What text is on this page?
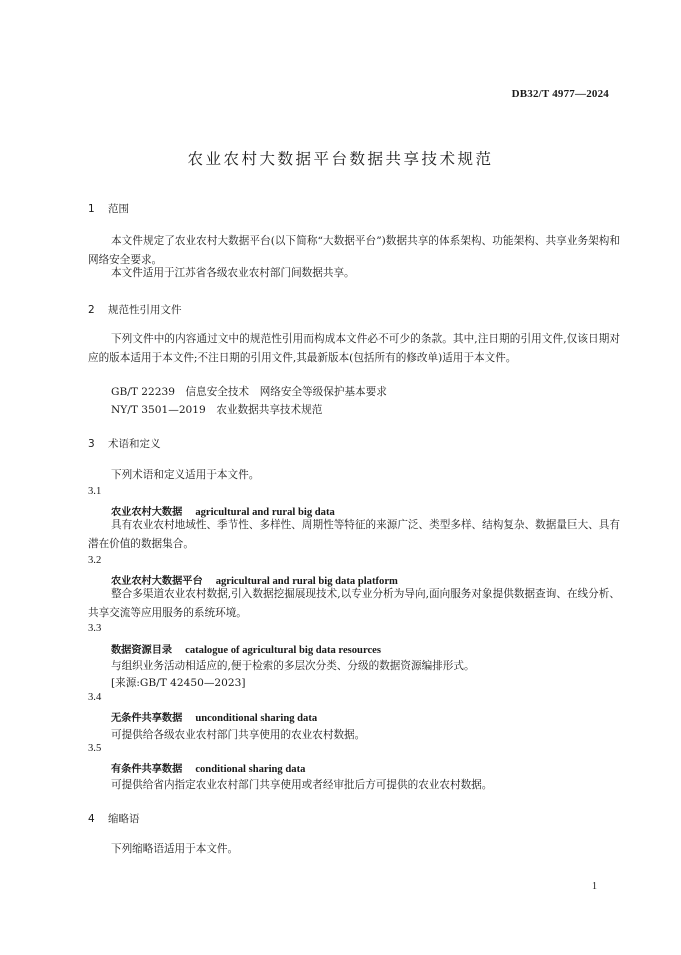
DB32/T 4977—2024
农业农村大数据平台数据共享技术规范
1 范围

本文件规定了农业农村大数据平台(以下简称“大数据平台”)数据共享的体系架构、功能架构、共享业务架构和网络安全要求。

本文件适用于江苏省各级农业农村部门间数据共享。

2 规范性引用文件

下列文件中的内容通过文中的规范性引用而构成本文件必不可少的条款。其中,注日期的引用文件,仅该日期对应的版本适用于本文件;不注日期的引用文件,其最新版本(包括所有的修改单)适用于本文件。

GB/T 22239　信息安全技术　网络安全等级保护基本要求
NY/T 3501—2019　农业数据共享技术规范
3 术语和定义
下列术语和定义适用于本文件。
3.1
农业农村大数据 agricultural and rural big data

具有农业农村地域性、季节性、多样性、周期性等特征的来源广泛、类型多样、结构复杂、数据量巨大、具有潜在价值的数据集合。

3.2
农业农村大数据平台 agricultural and rural big data platform

整合多渠道农业农村数据,引入数据挖掘展现技术,以专业分析为导向,面向服务对象提供数据查询、在线分析、共享交流等应用服务的系统环境。

3.3
数据资源目录 catalogue of agricultural big data resources
与组织业务活动相适应的,便于检索的多层次分类、分级的数据资源编排形式。
[来源:GB/T 42450—2023]
3.4
无条件共享数据 unconditional sharing data
可提供给各级农业农村部门共享使用的农业农村数据。
3.5
有条件共享数据 conditional sharing data
可提供给省内指定农业农村部门共享使用或者经审批后方可提供的农业农村数据。
4 缩略语
下列缩略语适用于本文件。
1
